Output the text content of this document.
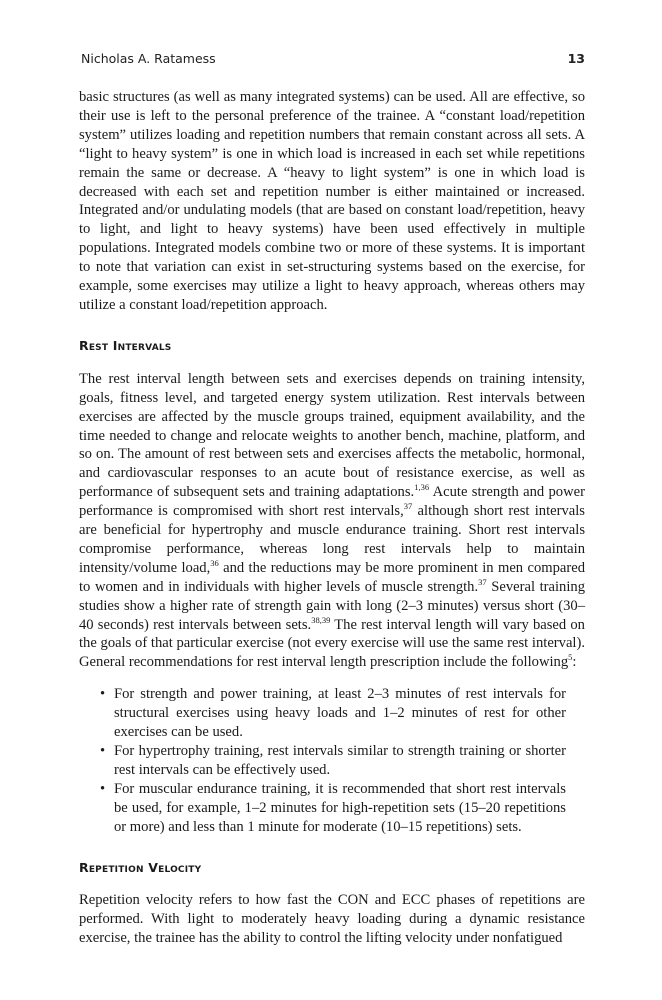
Nicholas A. Ratamess	13

basic structures (as well as many integrated systems) can be used. All are effective, so their use is left to the personal preference of the trainee. A “constant load/repetition system” utilizes loading and repetition numbers that remain constant across all sets. A “light to heavy system” is one in which load is increased in each set while repetitions remain the same or decrease. A “heavy to light system” is one in which load is decreased with each set and repetition number is either maintained or increased. Integrated and/or undulating models (that are based on constant load/repetition, heavy to light, and light to heavy systems) have been used effectively in multiple populations. Integrated models combine two or more of these systems. It is important to note that variation can exist in set-structuring systems based on the exercise, for example, some exercises may utilize a light to heavy approach, whereas others may utilize a constant load/repetition approach.

Rest Intervals

The rest interval length between sets and exercises depends on training intensity, goals, fitness level, and targeted energy system utilization. Rest intervals between exercises are affected by the muscle groups trained, equipment availability, and the time needed to change and relocate weights to another bench, machine, platform, and so on. The amount of rest between sets and exercises affects the metabolic, hormonal, and cardiovascular responses to an acute bout of resistance exercise, as well as performance of subsequent sets and training adaptations.$^{1,36}$ Acute strength and power performance is compromised with short rest intervals,$^{37}$ although short rest intervals are beneficial for hypertrophy and muscle endurance training. Short rest intervals compromise performance, whereas long rest intervals help to maintain intensity/volume load,$^{36}$ and the reductions may be more prominent in men compared to women and in individuals with higher levels of muscle strength.$^{37}$ Several training studies show a higher rate of strength gain with long (2–3 minutes) versus short (30–40 seconds) rest intervals between sets.$^{38,39}$ The rest interval length will vary based on the goals of that particular exercise (not every exercise will use the same rest interval). General recommendations for rest interval length prescription include the following$^5$:

• For strength and power training, at least 2–3 minutes of rest intervals for structural exercises using heavy loads and 1–2 minutes of rest for other exercises can be used.
• For hypertrophy training, rest intervals similar to strength training or shorter rest intervals can be effectively used.
• For muscular endurance training, it is recommended that short rest intervals be used, for example, 1–2 minutes for high-repetition sets (15–20 repetitions or more) and less than 1 minute for moderate (10–15 repetitions) sets.
Repetition Velocity

Repetition velocity refers to how fast the CON and ECC phases of repetitions are performed. With light to moderately heavy loading during a dynamic resistance exercise, the trainee has the ability to control the lifting velocity under nonfatigued
